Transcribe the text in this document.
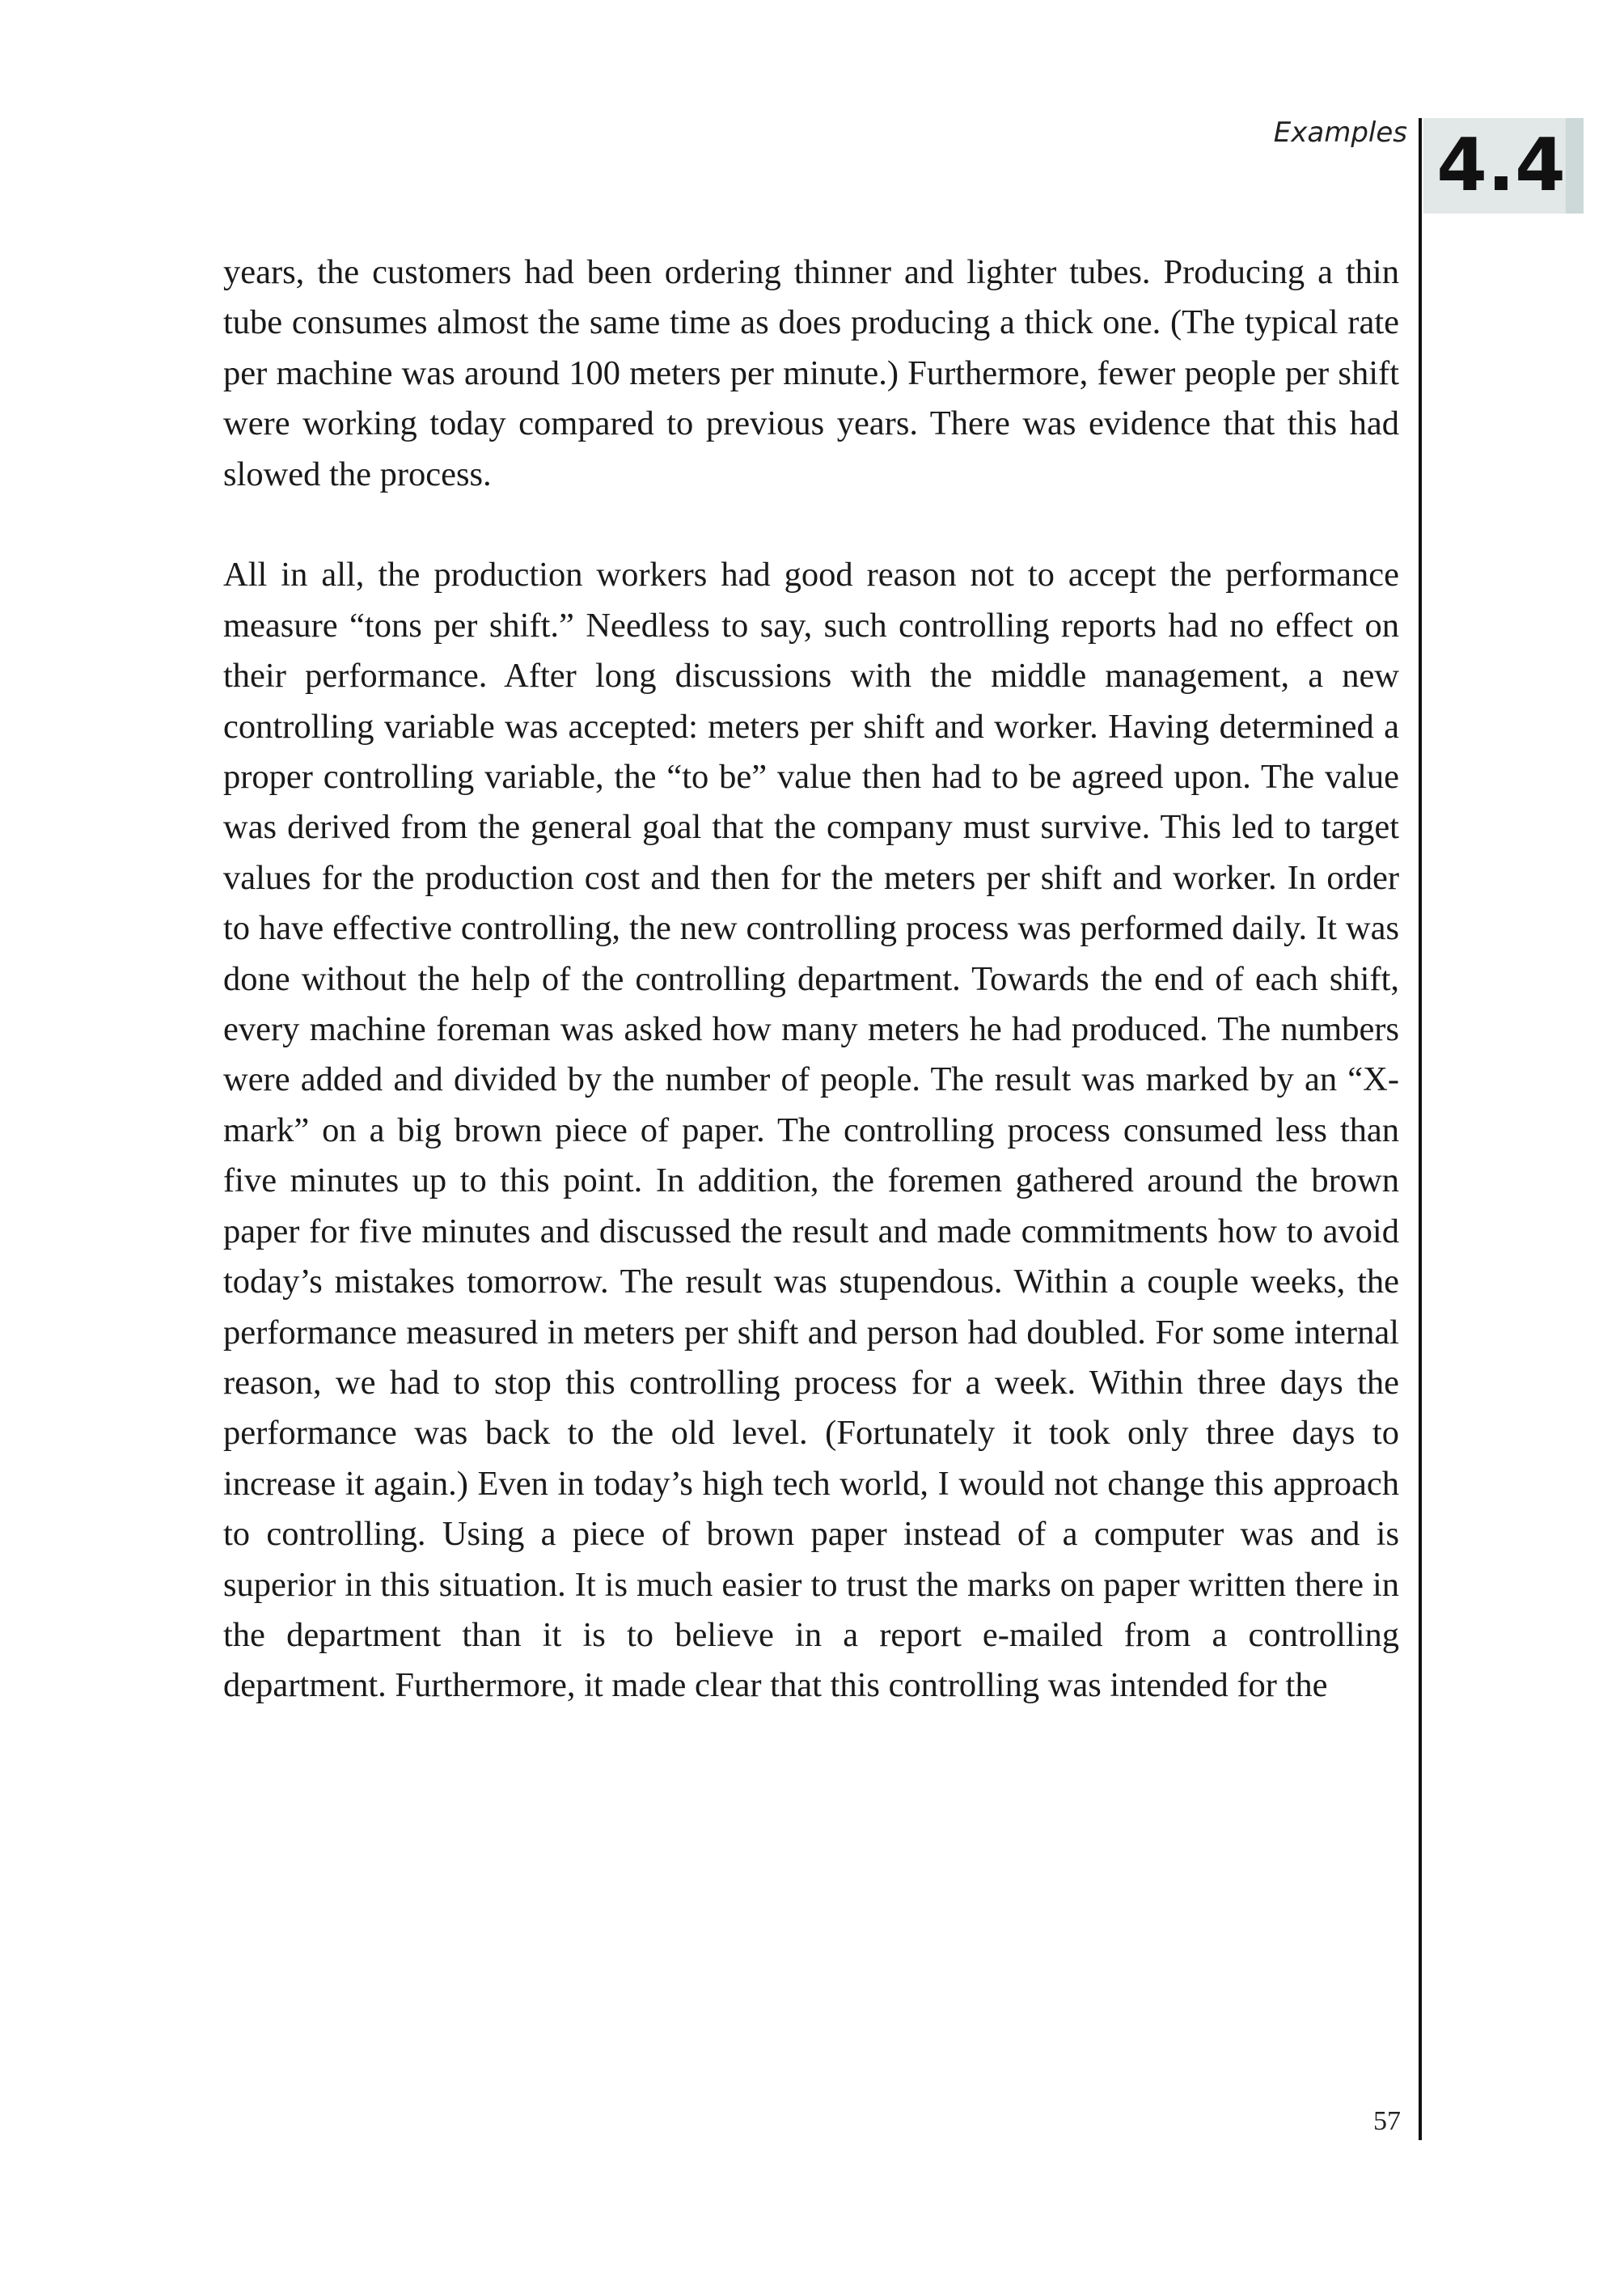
Examples 4.4

years, the customers had been ordering thinner and lighter tubes. Producing a thin tube consumes almost the same time as does producing a thick one. (The typical rate per machine was around 100 meters per minute.) Furthermore, fewer people per shift were working today compared to previous years. There was evidence that this had slowed the process.

All in all, the production workers had good reason not to accept the performance measure “tons per shift.” Needless to say, such controlling reports had no effect on their performance. After long discussions with the middle management, a new controlling variable was accepted: meters per shift and worker. Having determined a proper controlling variable, the “to be” value then had to be agreed upon. The value was derived from the general goal that the company must survive. This led to target values for the production cost and then for the meters per shift and worker. In order to have effective controlling, the new controlling process was performed daily. It was done without the help of the controlling department. Towards the end of each shift, every machine foreman was asked how many meters he had produced. The numbers were added and divided by the number of people. The result was marked by an “X-mark” on a big brown piece of paper. The controlling process consumed less than five minutes up to this point. In addition, the foremen gathered around the brown paper for five minutes and discussed the result and made commitments how to avoid today’s mistakes tomorrow. The result was stupendous. Within a couple weeks, the performance measured in meters per shift and person had doubled. For some internal reason, we had to stop this controlling process for a week. Within three days the performance was back to the old level. (Fortunately it took only three days to increase it again.) Even in today’s high tech world, I would not change this approach to controlling. Using a piece of brown paper instead of a computer was and is superior in this situation. It is much easier to trust the marks on paper written there in the department than it is to believe in a report e-mailed from a controlling department. Furthermore, it made clear that this controlling was intended for the

57
